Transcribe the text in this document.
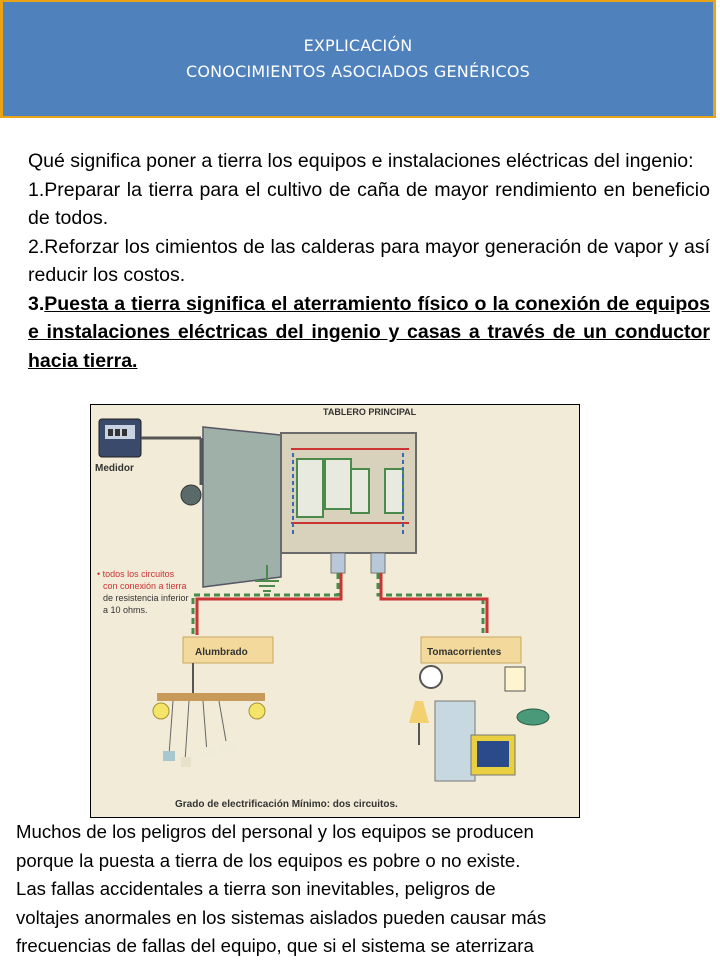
EXPLICACIÓN
CONOCIMIENTOS ASOCIADOS GENÉRICOS

Qué significa poner a tierra los equipos e instalaciones eléctricas del ingenio:

1.Preparar la tierra para el cultivo de caña de mayor rendimiento en beneficio de todos.

2.Reforzar los cimientos de las calderas para mayor generación de vapor y así reducir los costos.

3.Puesta a tierra significa el aterramiento físico o la conexión de equipos e instalaciones eléctricas del ingenio y casas a través de un conductor hacia tierra.

Medidor
TABLERO PRINCIPAL
• todos los circuitos
con conexión a tierra
de resistencia inferior
a 10 ohms.
Alumbrado	Tomacorrientes
Grado de electrificación Mínimo: dos circuitos.

Muchos de los peligros del personal y los equipos se producen

porque la puesta a tierra de los equipos es pobre o no existe.

Las fallas accidentales a tierra son inevitables, peligros de

voltajes anormales en los sistemas aislados pueden causar más

frecuencias de fallas del equipo, que si el sistema se aterrizara
